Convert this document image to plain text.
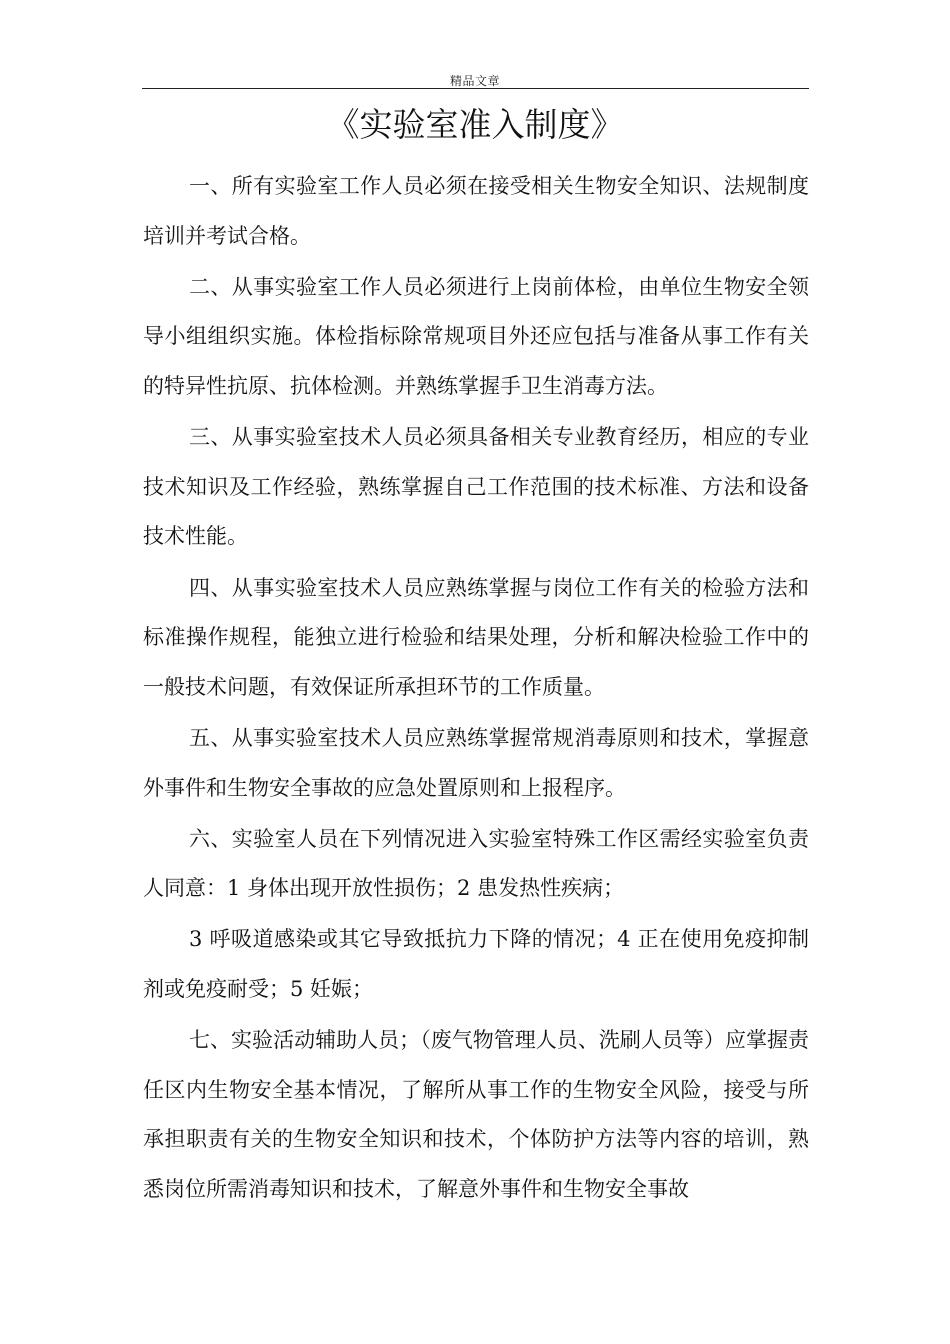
精品文章
《实验室准入制度》

一、所有实验室工作人员必须在接受相关生物安全知识、法规制度培训并考试合格。

二、从事实验室工作人员必须进行上岗前体检，由单位生物安全领导小组组织实施。体检指标除常规项目外还应包括与准备从事工作有关的特异性抗原、抗体检测。并熟练掌握手卫生消毒方法。

三、从事实验室技术人员必须具备相关专业教育经历，相应的专业技术知识及工作经验，熟练掌握自己工作范围的技术标准、方法和设备技术性能。

四、从事实验室技术人员应熟练掌握与岗位工作有关的检验方法和标准操作规程，能独立进行检验和结果处理，分析和解决检验工作中的一般技术问题，有效保证所承担环节的工作质量。

五、从事实验室技术人员应熟练掌握常规消毒原则和技术，掌握意外事件和生物安全事故的应急处置原则和上报程序。

六、实验室人员在下列情况进入实验室特殊工作区需经实验室负责人同意：1 身体出现开放性损伤；2 患发热性疾病；

3 呼吸道感染或其它导致抵抗力下降的情况；4 正在使用免疫抑制剂或免疫耐受；5 妊娠；

七、实验活动辅助人员；（废气物管理人员、洗刷人员等）应掌握责任区内生物安全基本情况，了解所从事工作的生物安全风险，接受与所承担职责有关的生物安全知识和技术，个体防护方法等内容的培训，熟悉岗位所需消毒知识和技术，了解意外事件和生物安全事故
